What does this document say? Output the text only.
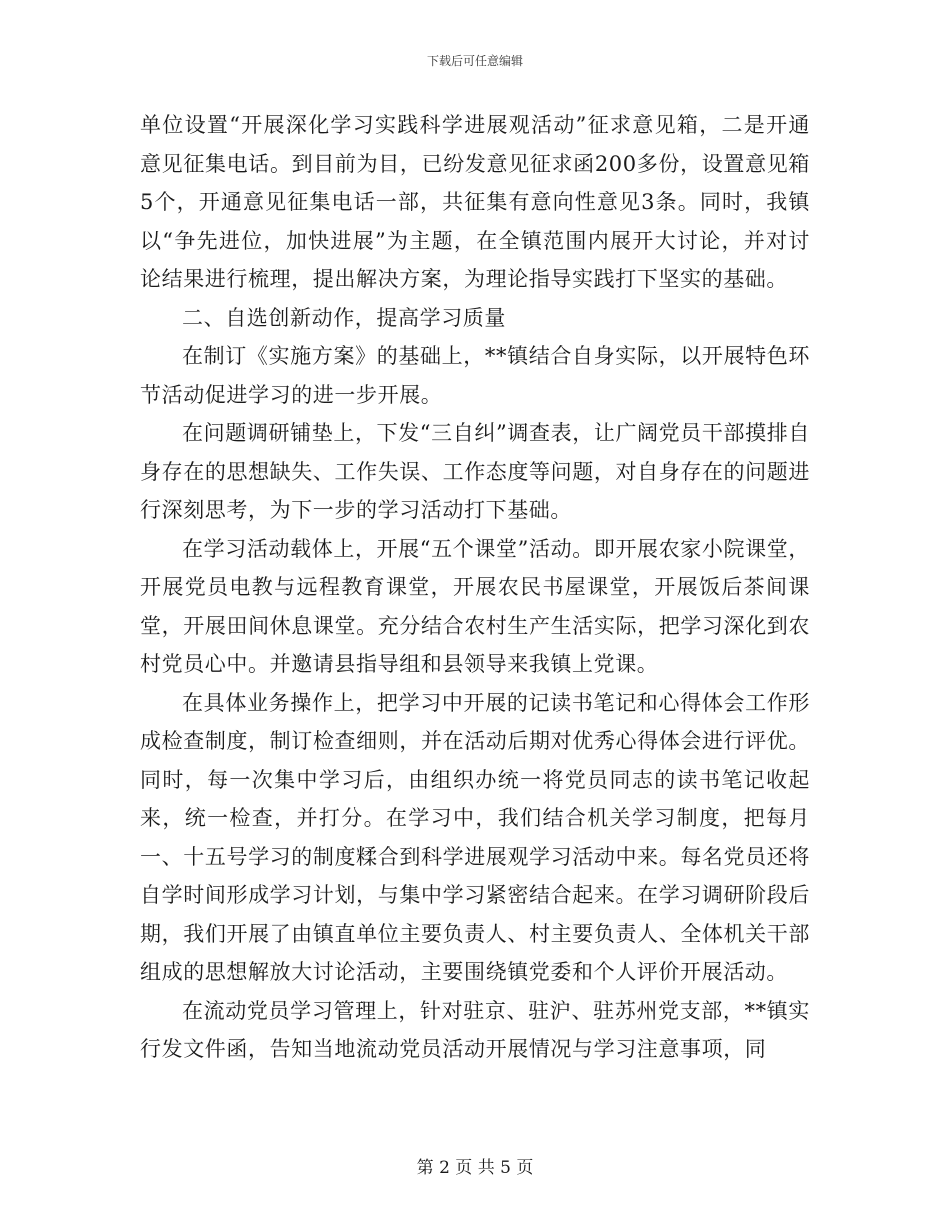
下载后可任意编辑

单位设置“开展深化学习实践科学进展观活动”征求意见箱，二是开通意见征集电话。到目前为目，已纷发意见征求函200多份，设置意见箱5个，开通意见征集电话一部，共征集有意向性意见3条。同时，我镇以“争先进位，加快进展”为主题，在全镇范围内展开大讨论，并对讨论结果进行梳理，提出解决方案，为理论指导实践打下坚实的基础。

二、自选创新动作，提高学习质量

在制订《实施方案》的基础上，**镇结合自身实际，以开展特色环节活动促进学习的进一步开展。

在问题调研铺垫上，下发“三自纠”调查表，让广阔党员干部摸排自身存在的思想缺失、工作失误、工作态度等问题，对自身存在的问题进行深刻思考，为下一步的学习活动打下基础。

在学习活动载体上，开展“五个课堂”活动。即开展农家小院课堂，开展党员电教与远程教育课堂，开展农民书屋课堂，开展饭后茶间课堂，开展田间休息课堂。充分结合农村生产生活实际，把学习深化到农村党员心中。并邀请县指导组和县领导来我镇上党课。

在具体业务操作上，把学习中开展的记读书笔记和心得体会工作形成检查制度，制订检查细则，并在活动后期对优秀心得体会进行评优。同时，每一次集中学习后，由组织办统一将党员同志的读书笔记收起来，统一检查，并打分。在学习中，我们结合机关学习制度，把每月一、十五号学习的制度糅合到科学进展观学习活动中来。每名党员还将自学时间形成学习计划，与集中学习紧密结合起来。在学习调研阶段后期，我们开展了由镇直单位主要负责人、村主要负责人、全体机关干部组成的思想解放大讨论活动，主要围绕镇党委和个人评价开展活动。

在流动党员学习管理上，针对驻京、驻沪、驻苏州党支部，**镇实行发文件函，告知当地流动党员活动开展情况与学习注意事项，同

第 2 页 共 5 页
